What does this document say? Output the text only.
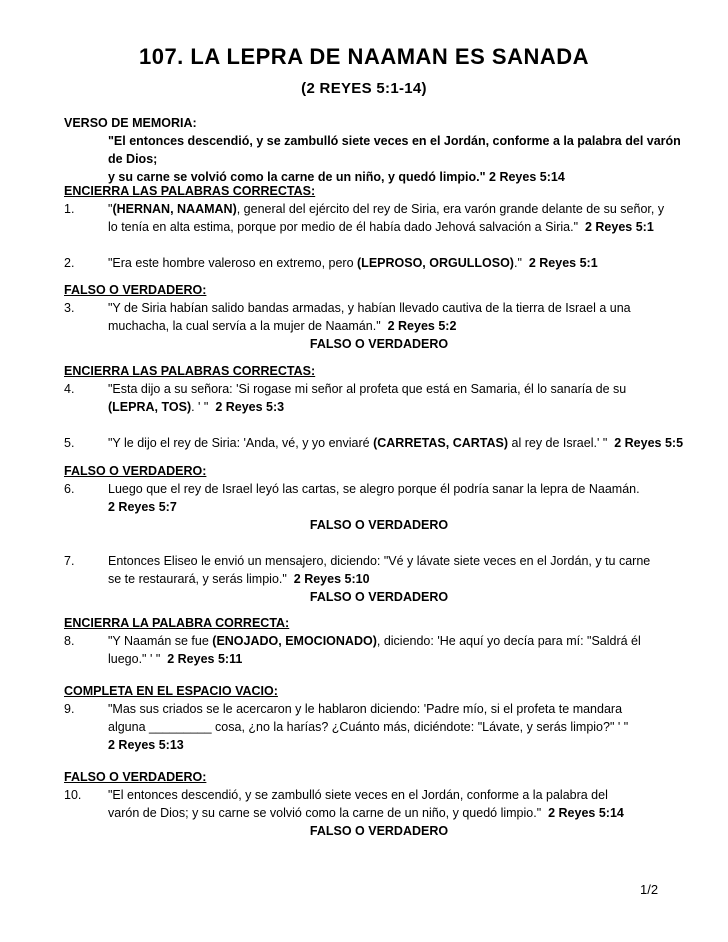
107. LA LEPRA DE NAAMAN ES SANADA
(2 REYES 5:1-14)
VERSO DE MEMORIA:
"El entonces descendió, y se zambulló siete veces en el Jordán, conforme a la palabra del varón de Dios;
y su carne se volvió como la carne de un niño, y quedó limpio." 2 Reyes 5:14
ENCIERRA LAS PALABRAS CORRECTAS:
1.	"(HERNAN, NAAMAN), general del ejército del rey de Siria, era varón grande delante de su señor, y
lo tenía en alta estima, porque por medio de él había dado Jehová salvación a Siria." 2 Reyes 5:1
2.	"Era este hombre valeroso en extremo, pero (LEPROSO, ORGULLOSO)." 2 Reyes 5:1
FALSO O VERDADERO:
3.	"Y de Siria habían salido bandas armadas, y habían llevado cautiva de la tierra de Israel a una
muchacha, la cual servía a la mujer de Naamán." 2 Reyes 5:2
FALSO O VERDADERO
ENCIERRA LAS PALABRAS CORRECTAS:
4.	"Esta dijo a su señora: 'Si rogase mi señor al profeta que está en Samaria, él lo sanaría de su
(LEPRA, TOS). ' " 2 Reyes 5:3
5.	"Y le dijo el rey de Siria: 'Anda, vé, y yo enviaré (CARRETAS, CARTAS) al rey de Israel.' " 2 Reyes 5:5
FALSO O VERDADERO:
6.	Luego que el rey de Israel leyó las cartas, se alegro porque él podría sanar la lepra de Naamán.
2 Reyes 5:7
FALSO O VERDADERO
7.	Entonces Eliseo le envió un mensajero, diciendo: "Vé y lávate siete veces en el Jordán, y tu carne
se te restaurará, y serás limpio." 2 Reyes 5:10
FALSO O VERDADERO
ENCIERRA LA PALABRA CORRECTA:
8.	"Y Naamán se fue (ENOJADO, EMOCIONADO), diciendo: 'He aquí yo decía para mí: "Saldrá él
luego." ' " 2 Reyes 5:11
COMPLETA EN EL ESPACIO VACIO:
9.	"Mas sus criados se le acercaron y le hablaron diciendo: 'Padre mío, si el profeta te mandara
alguna _________ cosa, ¿no la harías? ¿Cuánto más, diciéndote: "Lávate, y serás limpio?" ' "
2 Reyes 5:13
FALSO O VERDADERO:
10.	"El entonces descendió, y se zambulló siete veces en el Jordán, conforme a la palabra del
varón de Dios; y su carne se volvió como la carne de un niño, y quedó limpio." 2 Reyes 5:14
FALSO O VERDADERO
1/2
